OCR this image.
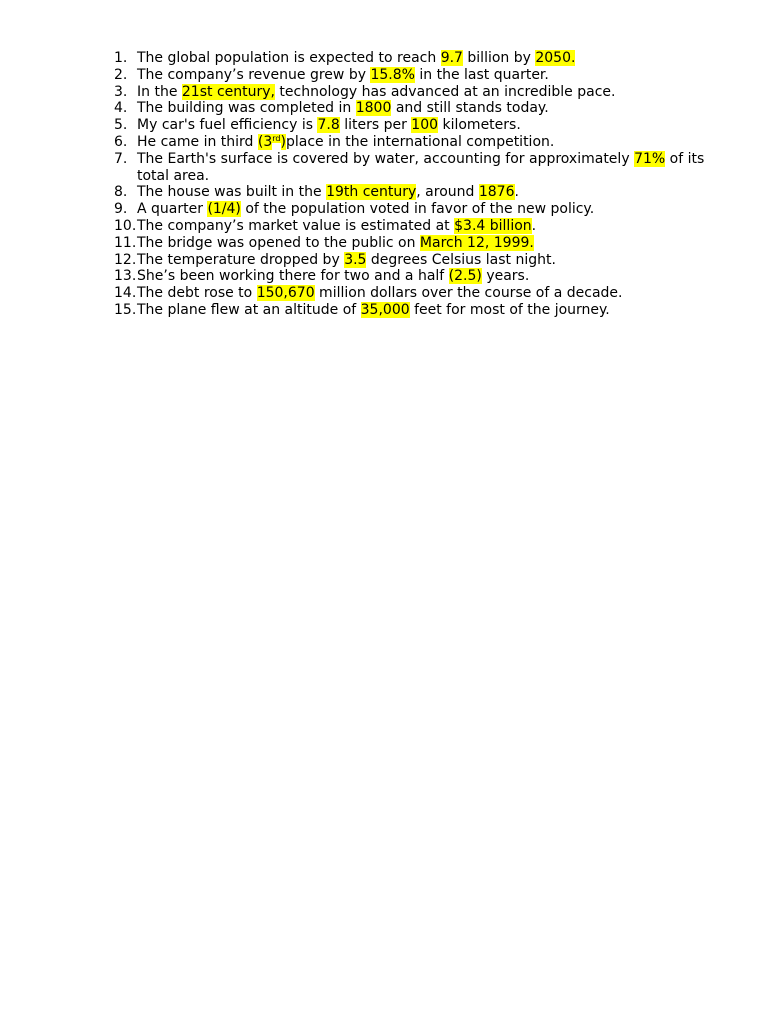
1. The global population is expected to reach 9.7 billion by 2050.
2. The company’s revenue grew by 15.8% in the last quarter.
3. In the 21st century, technology has advanced at an incredible pace.
4. The building was completed in 1800 and still stands today.
5. My car's fuel efficiency is 7.8 liters per 100 kilometers.
6. He came in third (3rd)place in the international competition.
7. The Earth's surface is covered by water, accounting for approximately 71% of its total area.
8. The house was built in the 19th century, around 1876.
9. A quarter (1/4) of the population voted in favor of the new policy.
10. The company’s market value is estimated at $3.4 billion.
11. The bridge was opened to the public on March 12, 1999.
12. The temperature dropped by 3.5 degrees Celsius last night.
13. She’s been working there for two and a half (2.5) years.
14. The debt rose to 150,670 million dollars over the course of a decade.
15. The plane flew at an altitude of 35,000 feet for most of the journey.
